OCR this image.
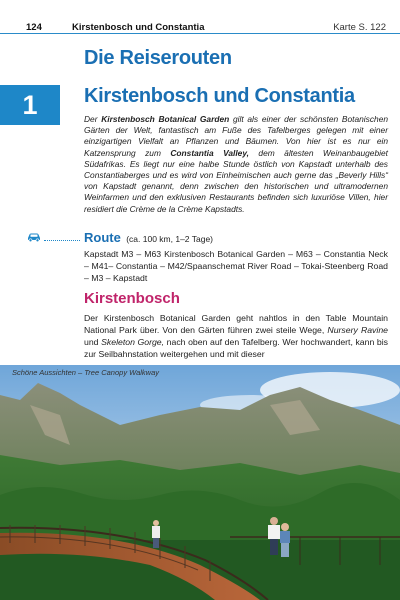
124	Kirstenbosch und Constantia	Karte S. 122
Die Reiserouten
1	Kirstenbosch und Constantia
Der Kirstenbosch Botanical Garden gilt als einer der schönsten Botanischen Gärten der Welt, fantastisch am Fuße des Tafelberges gelegen mit einer einzigartigen Vielfalt an Pflanzen und Bäumen. Von hier ist es nur ein Katzensprung zum Constantia Valley, dem ältesten Weinanbaugebiet Südafrikas. Es liegt nur eine halbe Stunde östlich von Kapstadt unterhalb des Constantiaberges und es wird von Einheimischen auch gerne das „Beverly Hills“ von Kapstadt genannt, denn zwischen den historischen und ultramodernen Weinfarmen und den exklusiven Restaurants befinden sich luxuriöse Villen, hier residiert die Crème de la Crème Kapstadts.
Route (ca. 100 km, 1–2 Tage)
Kapstadt M3 – M63 Kirstenbosch Botanical Garden – M63 – Constantia Neck – M41– Constantia – M42/Spaanschemat River Road – Tokai-Steenberg Road – M3 – Kapstadt
Kirstenbosch
Der Kirstenbosch Botanical Garden geht nahtlos in den Table Mountain National Park über. Von den Gärten führen zwei steile Wege, Nursery Ravine und Skeleton Gorge, nach oben auf den Tafelberg. Wer hochwandert, kann bis zur Seilbahnstation weitergehen und mit dieser
Schöne Aussichten – Tree Canopy Walkway
